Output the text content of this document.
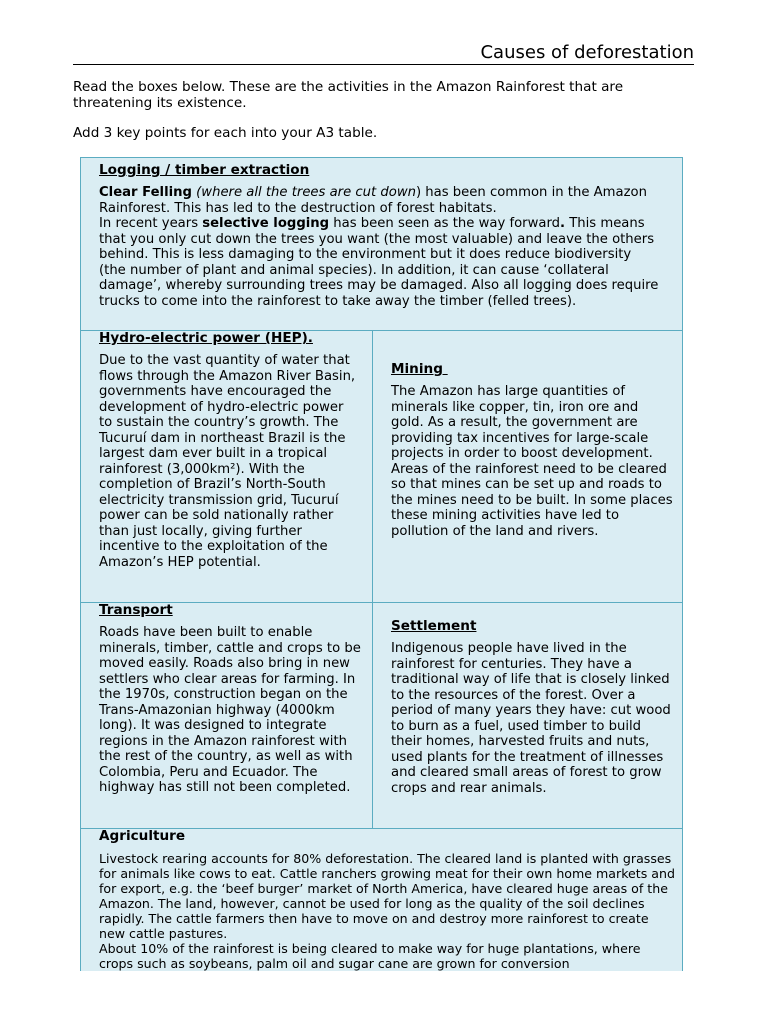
Causes of deforestation
Read the boxes below. These are the activities in the Amazon Rainforest that are threatening its existence.
Add 3 key points for each into your A3 table.
Logging / timber extraction

Clear Felling (where all the trees are cut down) has been common in the Amazon Rainforest. This has led to the destruction of forest habitats.

In recent years selective logging has been seen as the way forward. This means that you only cut down the trees you want (the most valuable) and leave the others behind. This is less damaging to the environment but it does reduce biodiversity (the number of plant and animal species). In addition, it can cause ‘collateral damage’, whereby surrounding trees may be damaged. Also all logging does require trucks to come into the rainforest to take away the timber (felled trees).

Hydro-electric power (HEP).

Due to the vast quantity of water that flows through the Amazon River Basin, governments have encouraged the development of hydro-electric power to sustain the country’s growth. The Tucuruí dam in northeast Brazil is the largest dam ever built in a tropical rainforest (3,000km²). With the completion of Brazil’s North-South electricity transmission grid, Tucuruí power can be sold nationally rather than just locally, giving further incentive to the exploitation of the Amazon’s HEP potential.

Mining

The Amazon has large quantities of minerals like copper, tin, iron ore and gold. As a result, the government are providing tax incentives for large-scale projects in order to boost development. Areas of the rainforest need to be cleared so that mines can be set up and roads to the mines need to be built. In some places these mining activities have led to pollution of the land and rivers.

Transport

Roads have been built to enable minerals, timber, cattle and crops to be moved easily. Roads also bring in new settlers who clear areas for farming. In the 1970s, construction began on the Trans-Amazonian highway (4000km long). It was designed to integrate regions in the Amazon rainforest with the rest of the country, as well as with Colombia, Peru and Ecuador. The highway has still not been completed.

Settlement

Indigenous people have lived in the rainforest for centuries. They have a traditional way of life that is closely linked to the resources of the forest. Over a period of many years they have: cut wood to burn as a fuel, used timber to build their homes, harvested fruits and nuts, used plants for the treatment of illnesses and cleared small areas of forest to grow crops and rear animals.

Agriculture

Livestock rearing accounts for 80% deforestation. The cleared land is planted with grasses for animals like cows to eat. Cattle ranchers growing meat for their own home markets and for export, e.g. the ‘beef burger’ market of North America, have cleared huge areas of the Amazon. The land, however, cannot be used for long as the quality of the soil declines rapidly. The cattle farmers then have to move on and destroy more rainforest to create new cattle pastures.

About 10% of the rainforest is being cleared to make way for huge plantations, where crops such as soybeans, palm oil and sugar cane are grown for conversion
